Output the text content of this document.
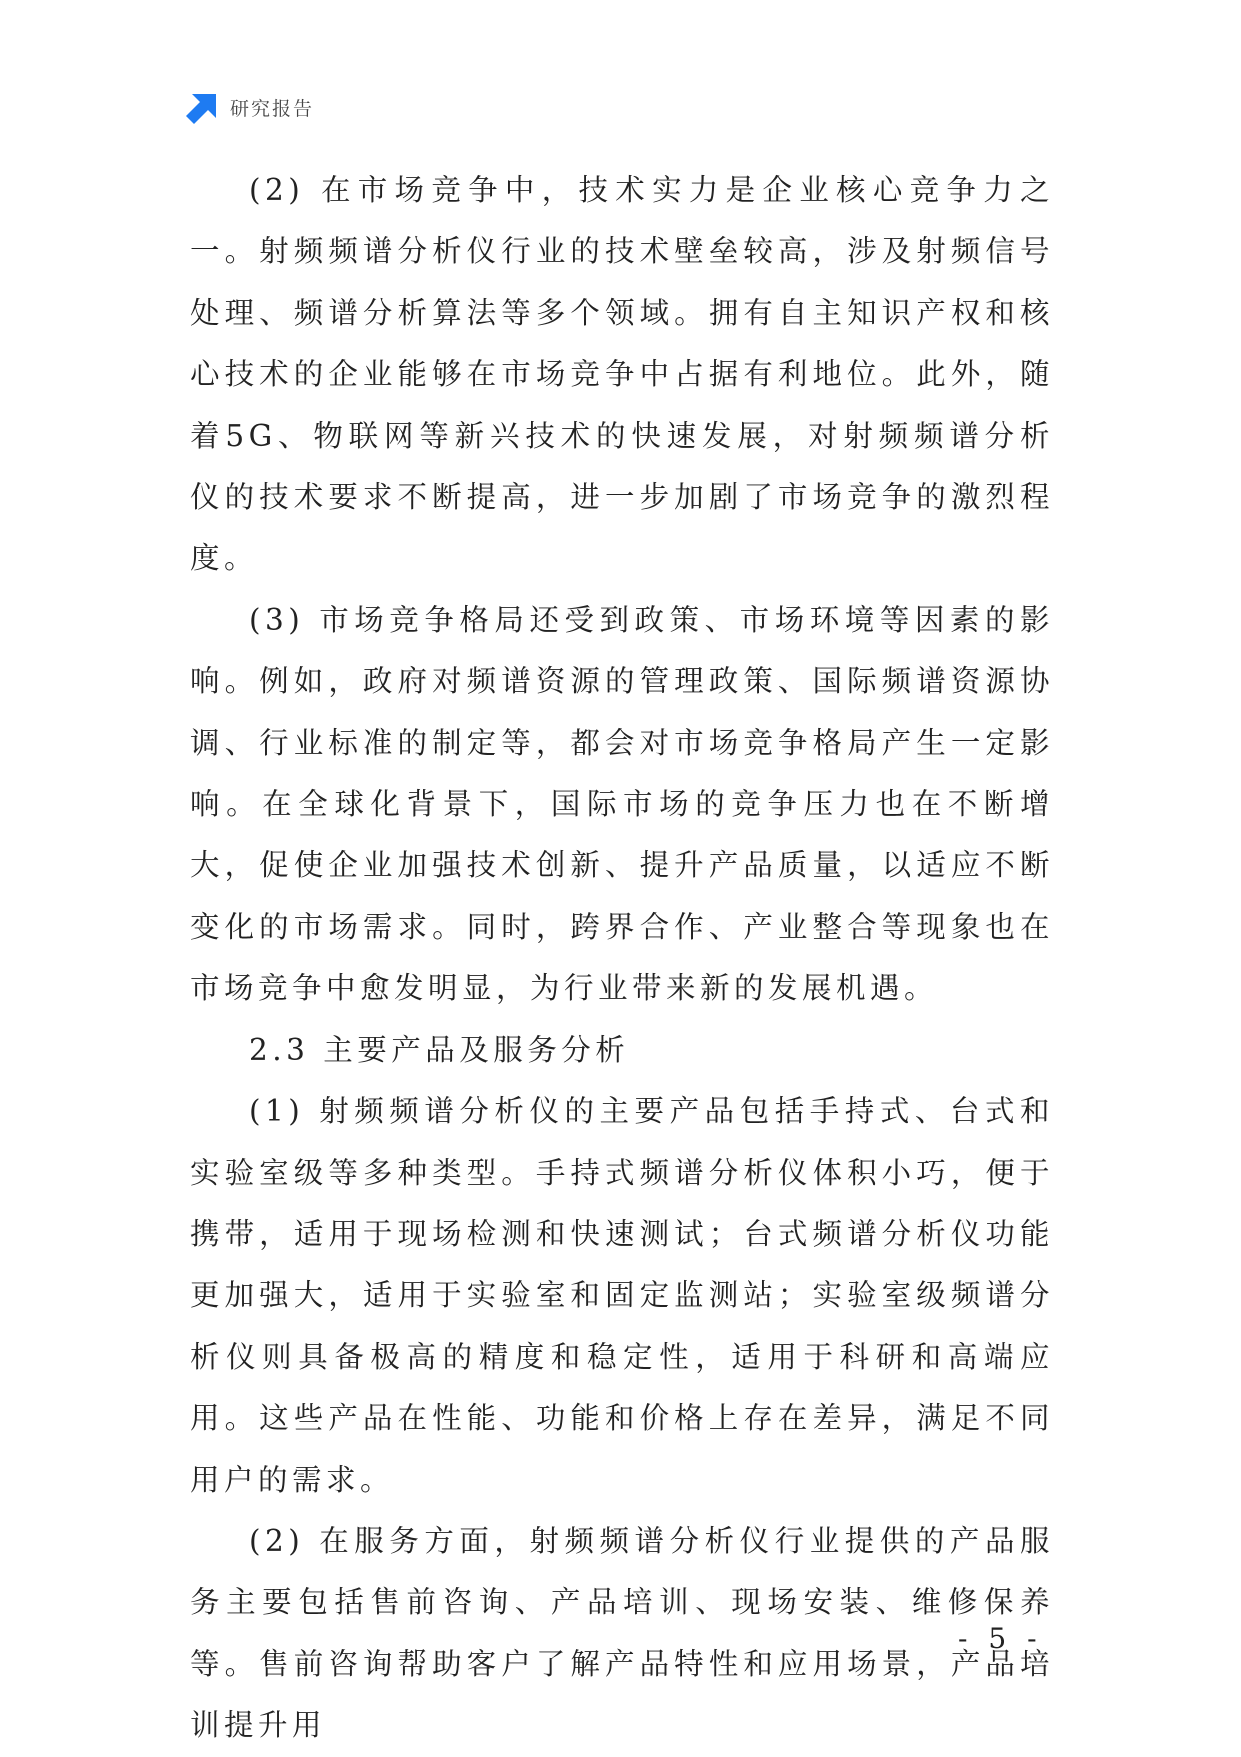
研究报告

(2) 在市场竞争中，技术实力是企业核心竞争力之一。射频频谱分析仪行业的技术壁垒较高，涉及射频信号处理、频谱分析算法等多个领域。拥有自主知识产权和核心技术的企业能够在市场竞争中占据有利地位。此外，随着5G、物联网等新兴技术的快速发展，对射频频谱分析仪的技术要求不断提高，进一步加剧了市场竞争的激烈程度。

(3) 市场竞争格局还受到政策、市场环境等因素的影响。例如，政府对频谱资源的管理政策、国际频谱资源协调、行业标准的制定等，都会对市场竞争格局产生一定影响。在全球化背景下，国际市场的竞争压力也在不断增大，促使企业加强技术创新、提升产品质量，以适应不断变化的市场需求。同时，跨界合作、产业整合等现象也在市场竞争中愈发明显，为行业带来新的发展机遇。

2.3 主要产品及服务分析

(1) 射频频谱分析仪的主要产品包括手持式、台式和实验室级等多种类型。手持式频谱分析仪体积小巧，便于携带，适用于现场检测和快速测试；台式频谱分析仪功能更加强大，适用于实验室和固定监测站；实验室级频谱分析仪则具备极高的精度和稳定性，适用于科研和高端应用。这些产品在性能、功能和价格上存在差异，满足不同用户的需求。

(2) 在服务方面，射频频谱分析仪行业提供的产品服务主要包括售前咨询、产品培训、现场安装、维修保养等。售前咨询帮助客户了解产品特性和应用场景，产品培训提升用

- 5 -
